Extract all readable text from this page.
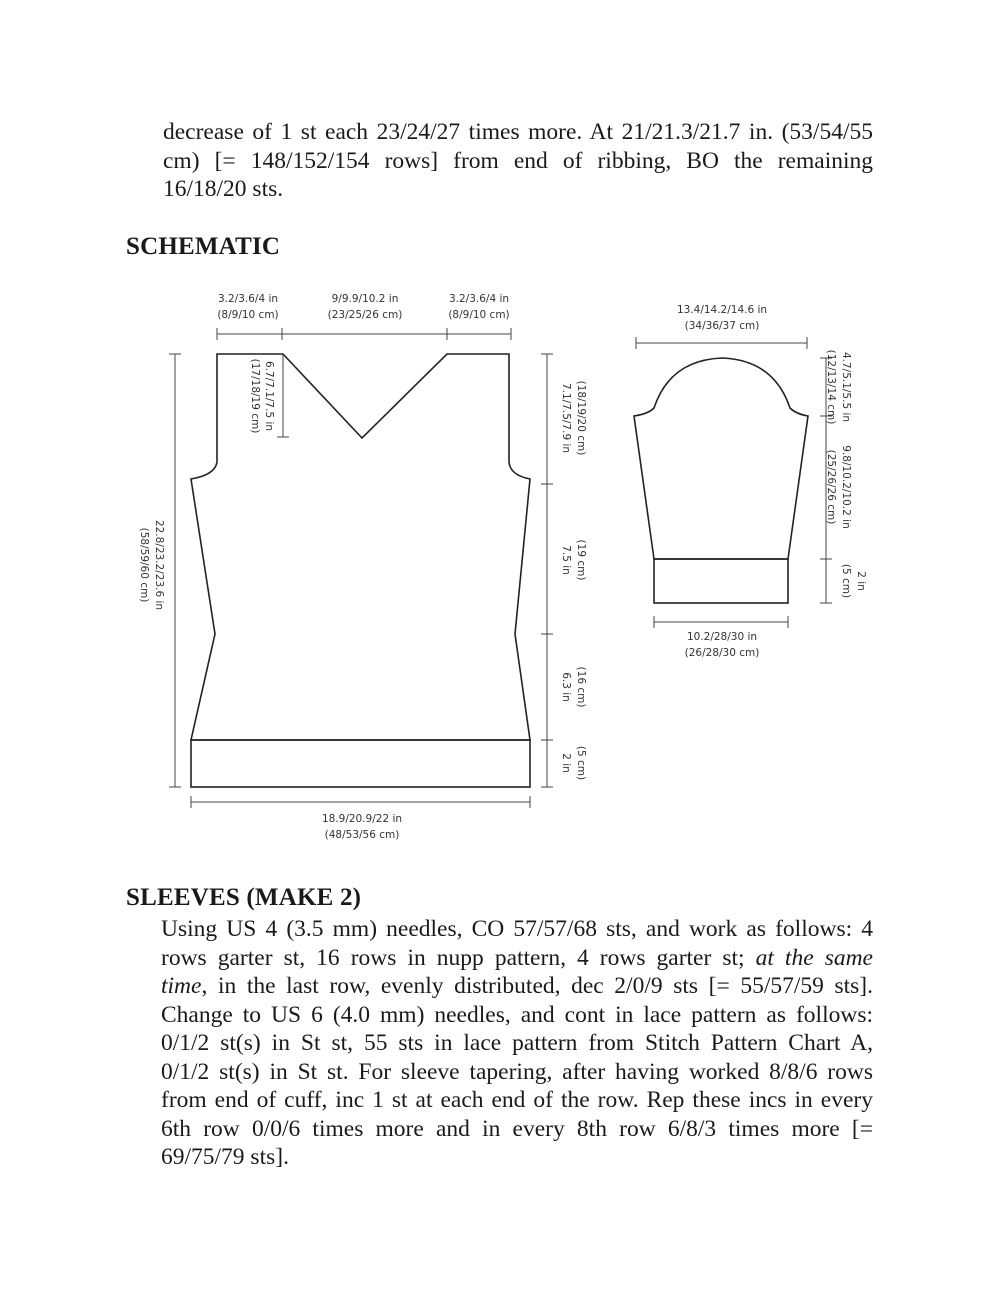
decrease of 1 st each 23/24/27 times more. At 21/21.3/21.7 in. (53/54/55
cm) [= 148/152/154 rows] from end of ribbing, BO the remaining
16/18/20 sts.
SCHEMATIC
3.2/3.6/4 in
(8/9/10 cm)
9/9.9/10.2 in
(23/25/26 cm)
3.2/3.6/4 in
(8/9/10 cm)
6.7/7.1/7.5 in
(17/18/19 cm)
22.8/23.2/23.6 in
(58/59/60 cm)
7.1/7.5/7.9 in (18/19/20 cm)
7.5 in (19 cm)
6.3 in (16 cm)
2 in (5 cm)
18.9/20.9/22 in
(48/53/56 cm)
13.4/14.2/14.6 in
(34/36/37 cm)
4.7/5.1/5.5 in
(12/13/14 cm)
9.8/10.2/10.2 in
(25/26/26 cm)
2 in
(5 cm)
10.2/28/30 in
(26/28/30 cm)
SLEEVES (MAKE 2)
Using US 4 (3.5 mm) needles, CO 57/57/68 sts, and work as follows: 4
rows garter st, 16 rows in nupp pattern, 4 rows garter st; at the same
time, in the last row, evenly distributed, dec 2/0/9 sts [= 55/57/59 sts].
Change to US 6 (4.0 mm) needles, and cont in lace pattern as follows:
0/1/2 st(s) in St st, 55 sts in lace pattern from Stitch Pattern Chart A,
0/1/2 st(s) in St st. For sleeve tapering, after having worked 8/8/6 rows
from end of cuff, inc 1 st at each end of the row. Rep these incs in every
6th row 0/0/6 times more and in every 8th row 6/8/3 times more [=
69/75/79 sts].
